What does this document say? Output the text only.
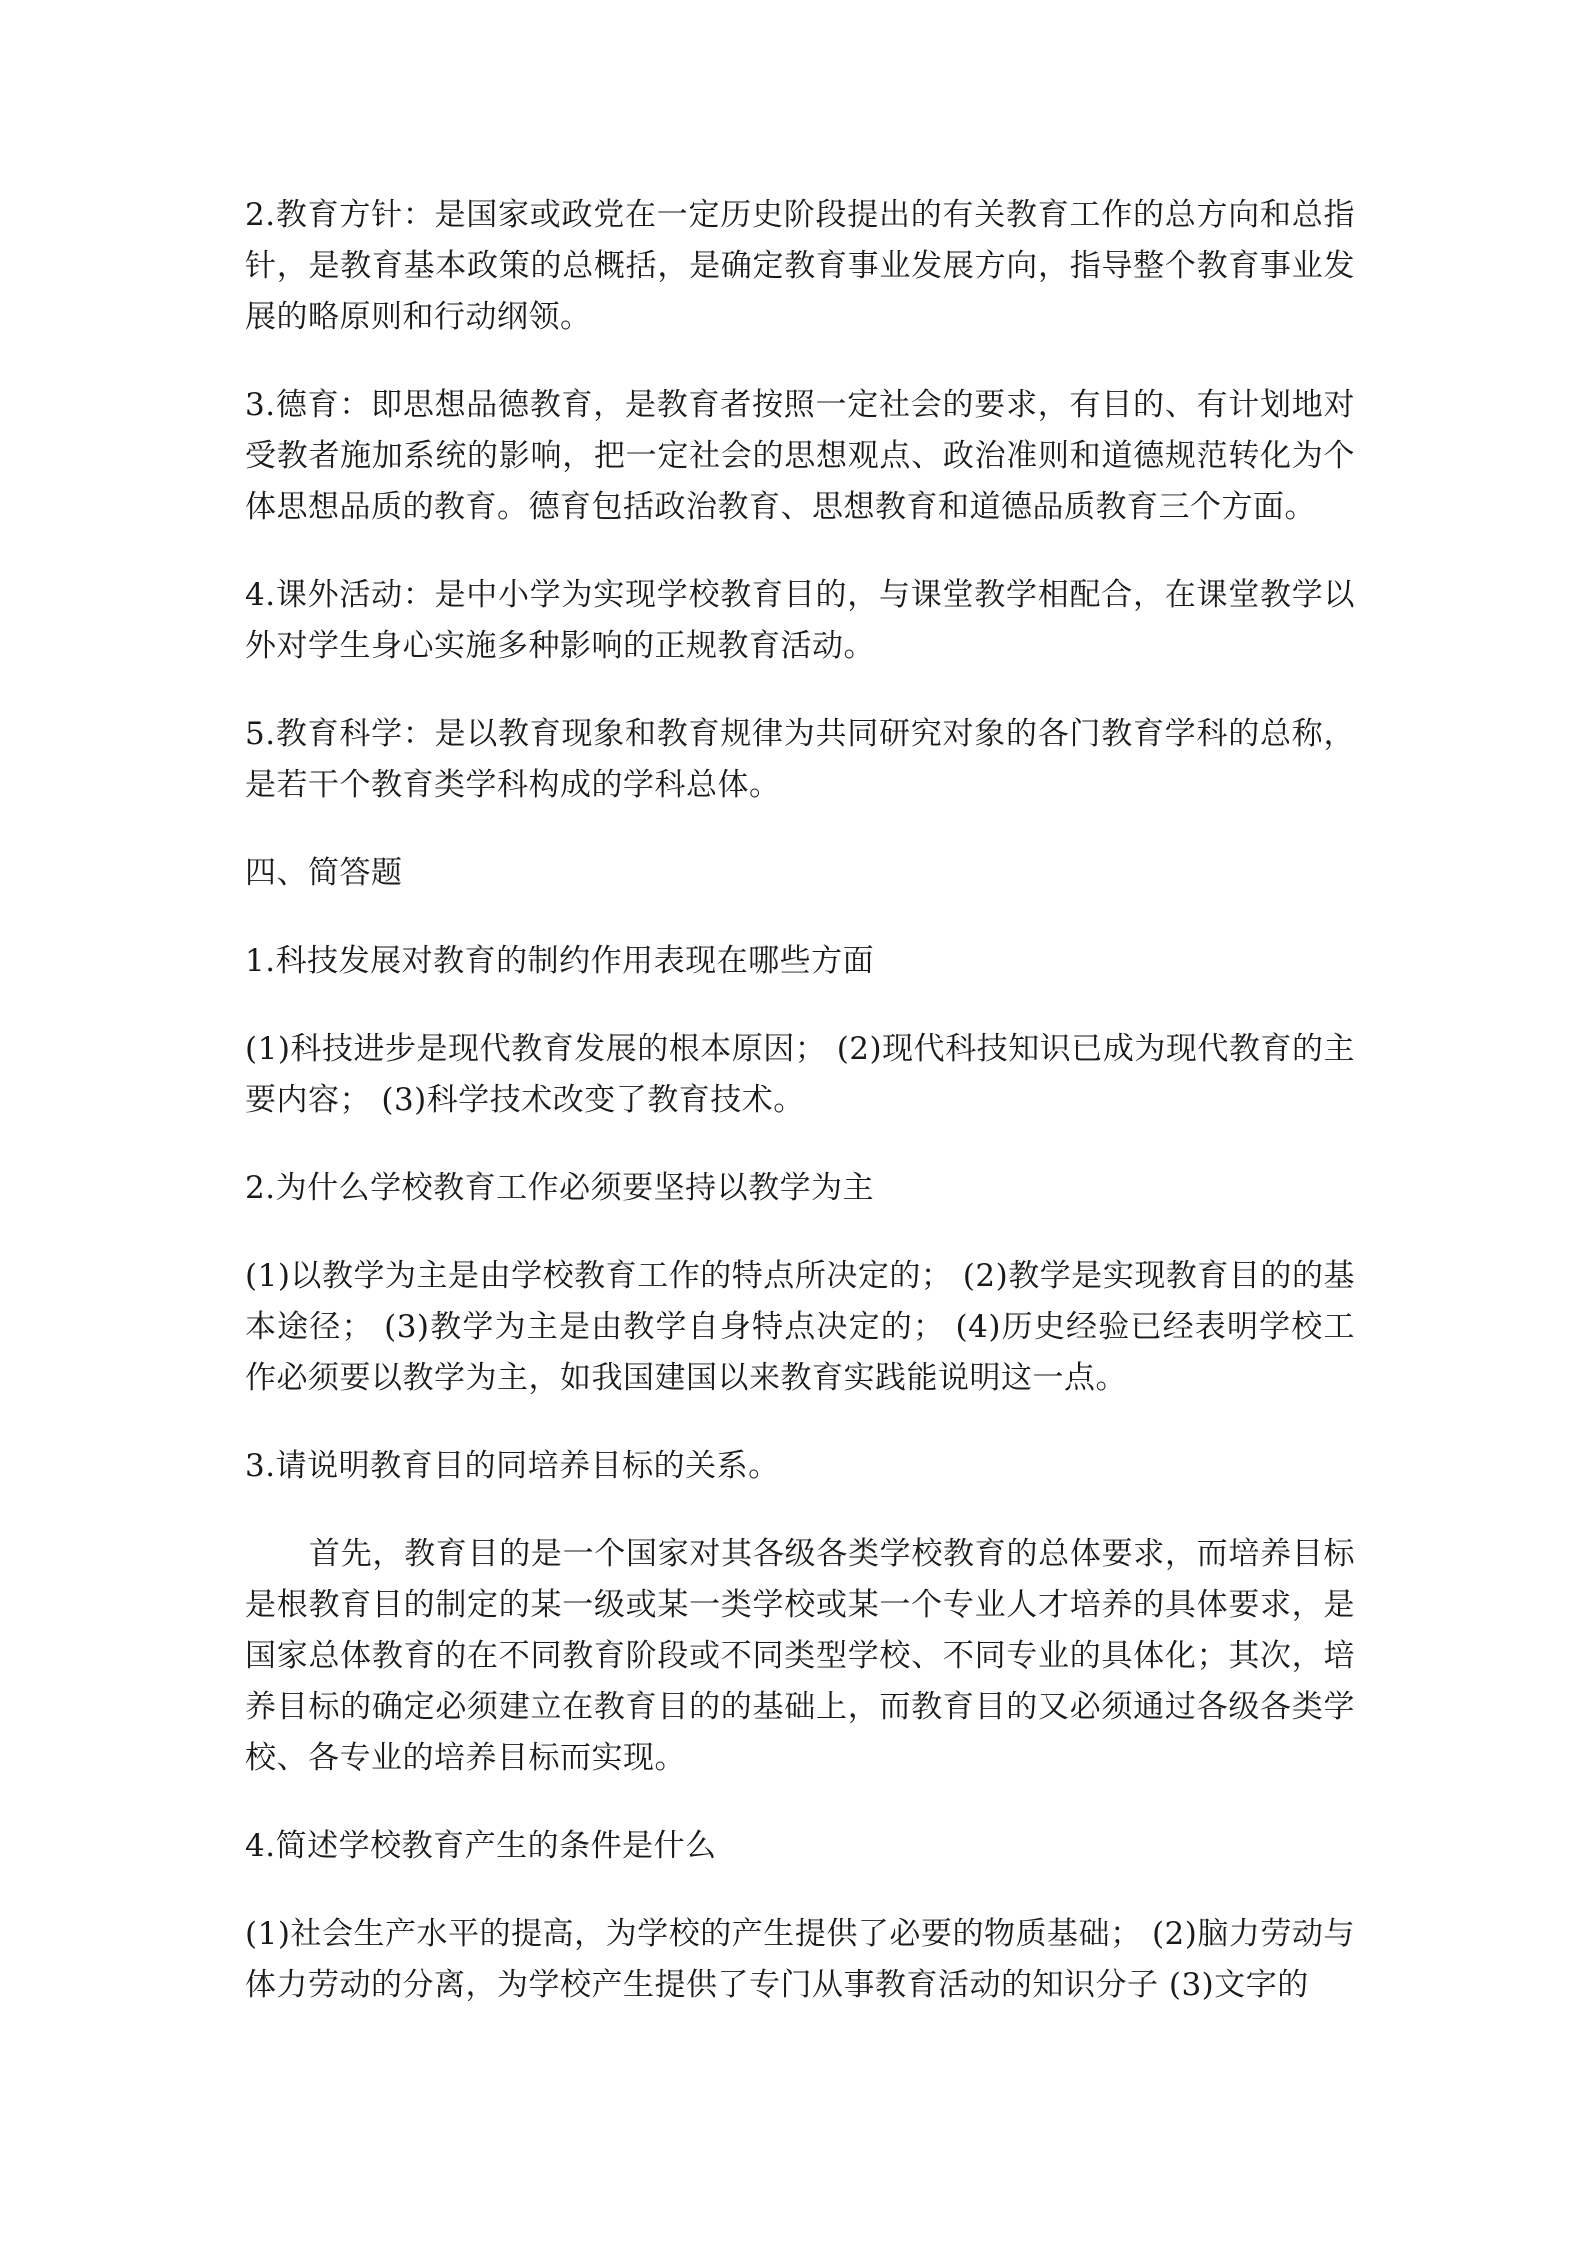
2.教育方针：是国家或政党在一定历史阶段提出的有关教育工作的总方向和总指针，是教育基本政策的总概括，是确定教育事业发展方向，指导整个教育事业发展的略原则和行动纲领。

3.德育：即思想品德教育，是教育者按照一定社会的要求，有目的、有计划地对受教者施加系统的影响，把一定社会的思想观点、政治准则和道德规范转化为个体思想品质的教育。德育包括政治教育、思想教育和道德品质教育三个方面。

4.课外活动：是中小学为实现学校教育目的，与课堂教学相配合，在课堂教学以外对学生身心实施多种影响的正规教育活动。

5.教育科学：是以教育现象和教育规律为共同研究对象的各门教育学科的总称，是若干个教育类学科构成的学科总体。

四、简答题

1.科技发展对教育的制约作用表现在哪些方面

(1)科技进步是现代教育发展的根本原因； (2)现代科技知识已成为现代教育的主要内容； (3)科学技术改变了教育技术。

2.为什么学校教育工作必须要坚持以教学为主

(1)以教学为主是由学校教育工作的特点所决定的； (2)教学是实现教育目的的基本途径； (3)教学为主是由教学自身特点决定的； (4)历史经验已经表明学校工作必须要以教学为主，如我国建国以来教育实践能说明这一点。

3.请说明教育目的同培养目标的关系。

首先，教育目的是一个国家对其各级各类学校教育的总体要求，而培养目标是根教育目的制定的某一级或某一类学校或某一个专业人才培养的具体要求，是国家总体教育的在不同教育阶段或不同类型学校、不同专业的具体化；其次，培养目标的确定必须建立在教育目的的基础上，而教育目的又必须通过各级各类学校、各专业的培养目标而实现。

4.简述学校教育产生的条件是什么

(1)社会生产水平的提高，为学校的产生提供了必要的物质基础； (2)脑力劳动与体力劳动的分离，为学校产生提供了专门从事教育活动的知识分子 (3)文字的
